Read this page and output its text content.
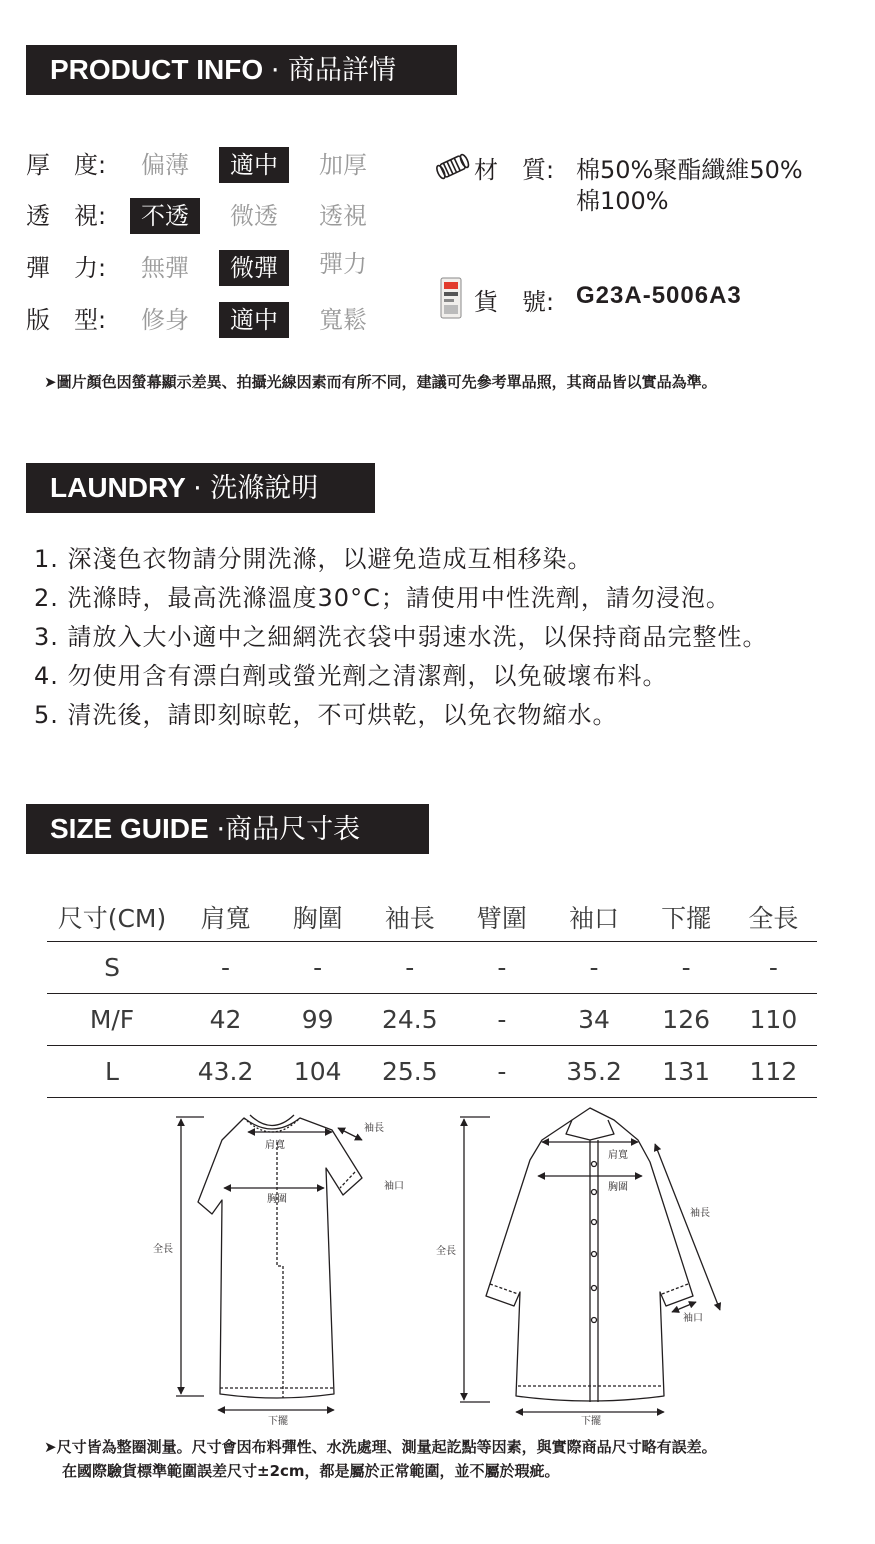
PRODUCT INFO · 商品詳情
厚　度:	偏薄	適中	加厚
透　視:	不透	微透	透視
彈　力:	無彈	微彈	彈力
版　型:	修身	適中	寬鬆
材　質: 棉50%聚酯纖維50%
棉100%
貨　號: G23A-5006A3
➤圖片顏色因螢幕顯示差異、拍攝光線因素而有所不同，建議可先參考單品照，其商品皆以實品為準。
LAUNDRY · 洗滌說明
1. 深淺色衣物請分開洗滌，以避免造成互相移染。
2. 洗滌時，最高洗滌溫度30°C；請使用中性洗劑，請勿浸泡。
3. 請放入大小適中之細網洗衣袋中弱速水洗，以保持商品完整性。
4. 勿使用含有漂白劑或螢光劑之清潔劑，以免破壞布料。
5. 清洗後，請即刻晾乾，不可烘乾，以免衣物縮水。
SIZE GUIDE ·商品尺寸表
尺寸(CM)	肩寬	胸圍	袖長	臂圍	袖口	下擺	全長
S	-	-	-	-	-	-	-
M/F	42	99	24.5	-	34	126	110
L	43.2	104	25.5	-	35.2	131	112
肩寬
胸圍
袖長
袖口
全長
下擺
肩寬
胸圍
袖長
袖口
全長
下擺
➤尺寸皆為整圈測量。尺寸會因布料彈性、水洗處理、測量起訖點等因素，與實際商品尺寸略有誤差。
在國際驗貨標準範圍誤差尺寸±2cm，都是屬於正常範圍，並不屬於瑕疵。
